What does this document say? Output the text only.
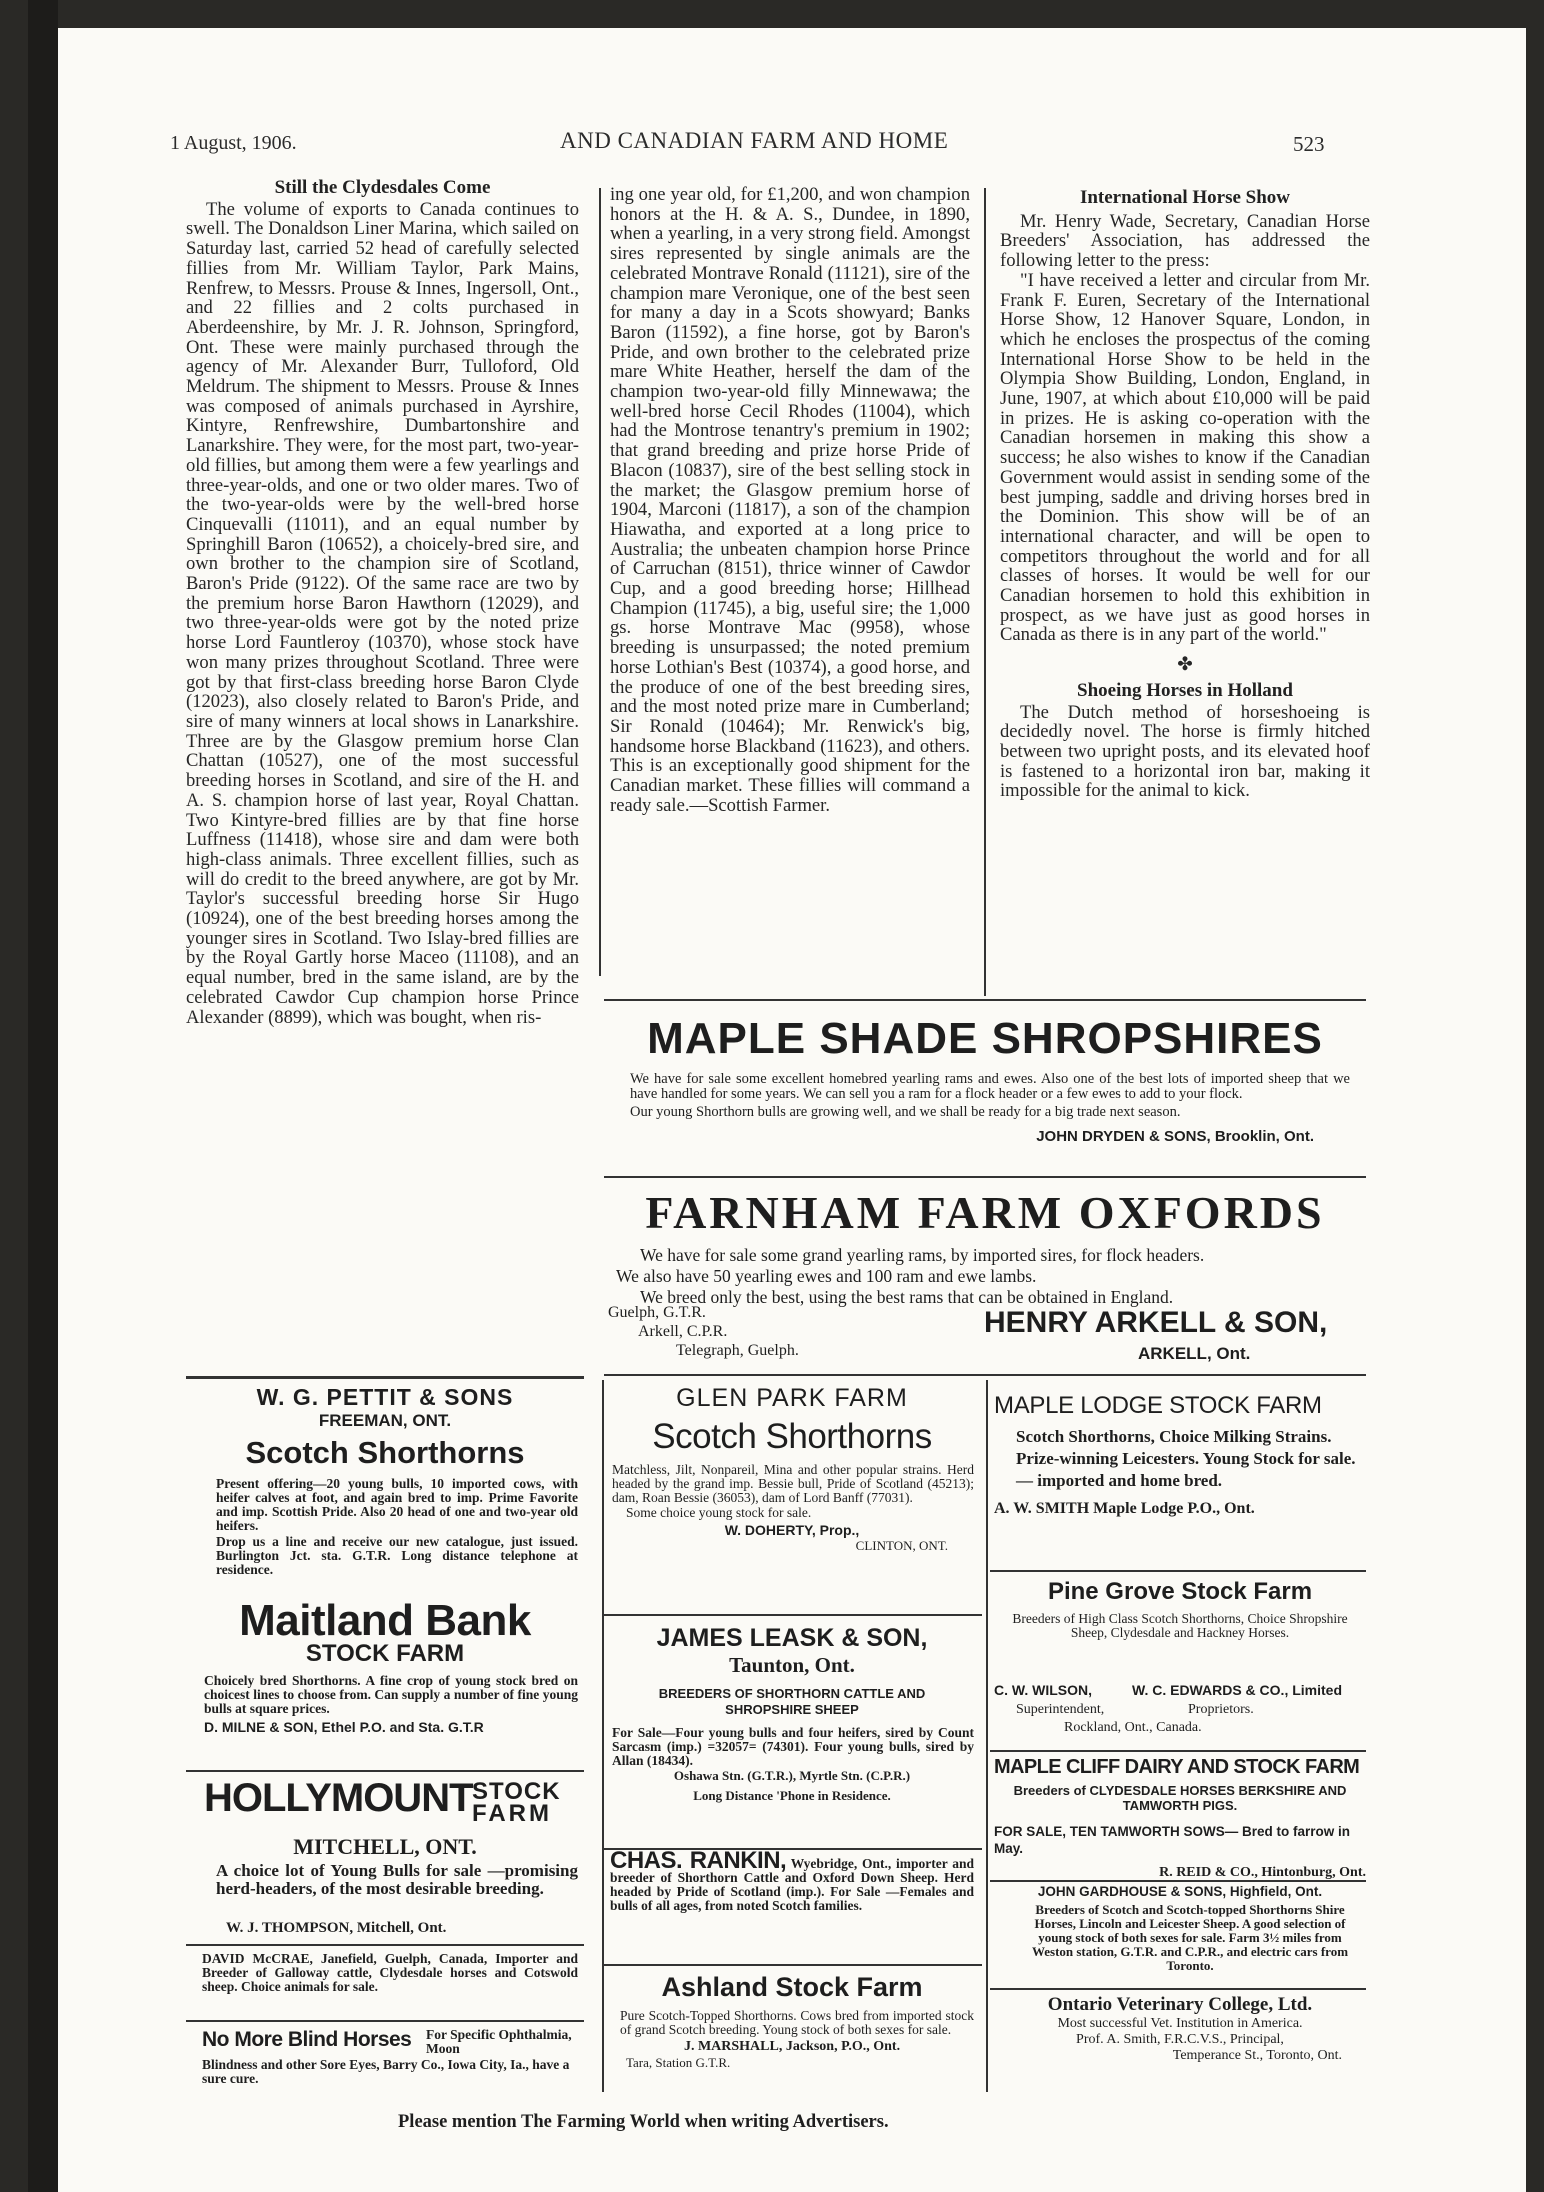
1 August, 1906.	AND CANADIAN FARM AND HOME	523
Still the Clydesdales Come

The volume of exports to Canada continues to swell. The Donaldson Liner Marina, which sailed on Saturday last, carried 52 head of carefully selected fillies from Mr. William Taylor, Park Mains, Renfrew, to Messrs. Prouse & Innes, Ingersoll, Ont., and 22 fillies and 2 colts purchased in Aberdeenshire, by Mr. J. R. Johnson, Springford, Ont. These were mainly purchased through the agency of Mr. Alexander Burr, Tulloford, Old Meldrum. The shipment to Messrs. Prouse & Innes was composed of animals purchased in Ayrshire, Kintyre, Renfrewshire, Dumbartonshire and Lanarkshire. They were, for the most part, two-year-old fillies, but among them were a few yearlings and three-year-olds, and one or two older mares. Two of the two-year-olds were by the well-bred horse Cinquevalli (11011), and an equal number by Springhill Baron (10652), a choicely-bred sire, and own brother to the champion sire of Scotland, Baron's Pride (9122). Of the same race are two by the premium horse Baron Hawthorn (12029), and two three-year-olds were got by the noted prize horse Lord Fauntleroy (10370), whose stock have won many prizes throughout Scotland. Three were got by that first-class breeding horse Baron Clyde (12023), also closely related to Baron's Pride, and sire of many winners at local shows in Lanarkshire. Three are by the Glasgow premium horse Clan Chattan (10527), one of the most successful breeding horses in Scotland, and sire of the H. and A. S. champion horse of last year, Royal Chattan. Two Kintyre-bred fillies are by that fine horse Luffness (11418), whose sire and dam were both high-class animals. Three excellent fillies, such as will do credit to the breed anywhere, are got by Mr. Taylor's successful breeding horse Sir Hugo (10924), one of the best breeding horses among the younger sires in Scotland. Two Islay-bred fillies are by the Royal Gartly horse Maceo (11108), and an equal number, bred in the same island, are by the celebrated Cawdor Cup champion horse Prince Alexander (8899), which was bought, when ris-

ing one year old, for £1,200, and won champion honors at the H. & A. S., Dundee, in 1890, when a yearling, in a very strong field. Amongst sires represented by single animals are the celebrated Montrave Ronald (11121), sire of the champion mare Veronique, one of the best seen for many a day in a Scots showyard; Banks Baron (11592), a fine horse, got by Baron's Pride, and own brother to the celebrated prize mare White Heather, herself the dam of the champion two-year-old filly Minnewawa; the well-bred horse Cecil Rhodes (11004), which had the Montrose tenantry's premium in 1902; that grand breeding and prize horse Pride of Blacon (10837), sire of the best selling stock in the market; the Glasgow premium horse of 1904, Marconi (11817), a son of the champion Hiawatha, and exported at a long price to Australia; the unbeaten champion horse Prince of Carruchan (8151), thrice winner of Cawdor Cup, and a good breeding horse; Hillhead Champion (11745), a big, useful sire; the 1,000 gs. horse Montrave Mac (9958), whose breeding is unsurpassed; the noted premium horse Lothian's Best (10374), a good horse, and the produce of one of the best breeding sires, and the most noted prize mare in Cumberland; Sir Ronald (10464); Mr. Renwick's big, handsome horse Blackband (11623), and others. This is an exceptionally good shipment for the Canadian market. These fillies will command a ready sale.—Scottish Farmer.

International Horse Show

Mr. Henry Wade, Secretary, Canadian Horse Breeders' Association, has addressed the following letter to the press:

"I have received a letter and circular from Mr. Frank F. Euren, Secretary of the International Horse Show, 12 Hanover Square, London, in which he encloses the prospectus of the coming International Horse Show to be held in the Olympia Show Building, London, England, in June, 1907, at which about £10,000 will be paid in prizes. He is asking co-operation with the Canadian horsemen in making this show a success; he also wishes to know if the Canadian Government would assist in sending some of the best jumping, saddle and driving horses bred in the Dominion. This show will be of an international character, and will be open to competitors throughout the world and for all classes of horses. It would be well for our Canadian horsemen to hold this exhibition in prospect, as we have just as good horses in Canada as there is in any part of the world."

✤
Shoeing Horses in Holland

The Dutch method of horseshoeing is decidedly novel. The horse is firmly hitched between two upright posts, and its elevated hoof is fastened to a horizontal iron bar, making it impossible for the animal to kick.

MAPLE SHADE SHROPSHIRES
We have for sale some excellent homebred yearling rams and ewes. Also one of the best lots of imported sheep that we have handled for some years. We can sell you a ram for a flock header or a few ewes to add to your flock.
Our young Shorthorn bulls are growing well, and we shall be ready for a big trade next season.
JOHN DRYDEN & SONS, Brooklin, Ont.
FARNHAM FARM OXFORDS
We have for sale some grand yearling rams, by imported sires, for flock headers.
We also have 50 yearling ewes and 100 ram and ewe lambs.
We breed only the best, using the best rams that can be obtained in England.
Guelph, G.T.R.
Arkell, C.P.R.
Telegraph, Guelph.
HENRY ARKELL & SON,
ARKELL, Ont.
W. G. PETTIT & SONS
FREEMAN, ONT.
Scotch Shorthorns
Present offering—20 young bulls, 10 imported cows, with heifer calves at foot, and again bred to imp. Prime Favorite and imp. Scottish Pride. Also 20 head of one and two-year old heifers.
Drop us a line and receive our new catalogue, just issued. Burlington Jct. sta. G.T.R. Long distance telephone at residence.
Maitland Bank
STOCK FARM
Choicely bred Shorthorns. A fine crop of young stock bred on choicest lines to choose from. Can supply a number of fine young bulls at square prices.
D. MILNE & SON, Ethel P.O. and Sta. G.T.R
HOLLYMOUNT STOCK
FARM
MITCHELL, ONT.
A choice lot of Young Bulls for sale —promising herd-headers, of the most desirable breeding.
W. J. THOMPSON, Mitchell, Ont.
DAVID McCRAE, Janefield, Guelph, Canada, Importer and Breeder of Galloway cattle, Clydesdale horses and Cotswold sheep. Choice animals for sale.
No More Blind Horses For Specific Ophthalmia, Moon
Blindness and other Sore Eyes, Barry Co., Iowa City, Ia., have a sure cure.
GLEN PARK FARM
Scotch Shorthorns
Matchless, Jilt, Nonpareil, Mina and other popular strains. Herd headed by the grand imp. Bessie bull, Pride of Scotland (45213); dam, Roan Bessie (36053), dam of Lord Banff (77031).
Some choice young stock for sale.
W. DOHERTY, Prop.,
CLINTON, ONT.
JAMES LEASK & SON,
Taunton, Ont.
BREEDERS OF SHORTHORN CATTLE AND SHROPSHIRE SHEEP
For Sale—Four young bulls and four heifers, sired by Count Sarcasm (imp.) =32057= (74301). Four young bulls, sired by Allan (18434).
Oshawa Stn. (G.T.R.), Myrtle Stn. (C.P.R.)
Long Distance 'Phone in Residence.
CHAS. RANKIN, Wyebridge, Ont., importer and breeder of Shorthorn Cattle and Oxford Down Sheep. Herd headed by Pride of Scotland (imp.). For Sale —Females and bulls of all ages, from noted Scotch families.
Ashland Stock Farm
Pure Scotch-Topped Shorthorns. Cows bred from imported stock of grand Scotch breeding. Young stock of both sexes for sale.
J. MARSHALL, Jackson, P.O., Ont.
Tara, Station G.T.R.
MAPLE LODGE STOCK FARM
Scotch Shorthorns, Choice Milking Strains. Prize-winning Leicesters. Young Stock for sale. — imported and home bred.
A. W. SMITH Maple Lodge P.O., Ont.
Pine Grove Stock Farm
Breeders of High Class Scotch Shorthorns, Choice Shropshire Sheep, Clydesdale and Hackney Horses.
C. W. WILSON,	W. C. EDWARDS & CO., Limited
Superintendent,	Proprietors.
Rockland, Ont., Canada.
MAPLE CLIFF DAIRY AND STOCK FARM
Breeders of CLYDESDALE HORSES BERKSHIRE AND TAMWORTH PIGS.
FOR SALE, TEN TAMWORTH SOWS— Bred to farrow in May.
R. REID & CO., Hintonburg, Ont.
JOHN GARDHOUSE & SONS, Highfield, Ont.
Breeders of Scotch and Scotch-topped Shorthorns Shire Horses, Lincoln and Leicester Sheep. A good selection of young stock of both sexes for sale. Farm 3½ miles from Weston station, G.T.R. and C.P.R., and electric cars from Toronto.
Ontario Veterinary College, Ltd.
Most successful Vet. Institution in America.
Prof. A. Smith, F.R.C.V.S., Principal,
Temperance St., Toronto, Ont.
Please mention The Farming World when writing Advertisers.
